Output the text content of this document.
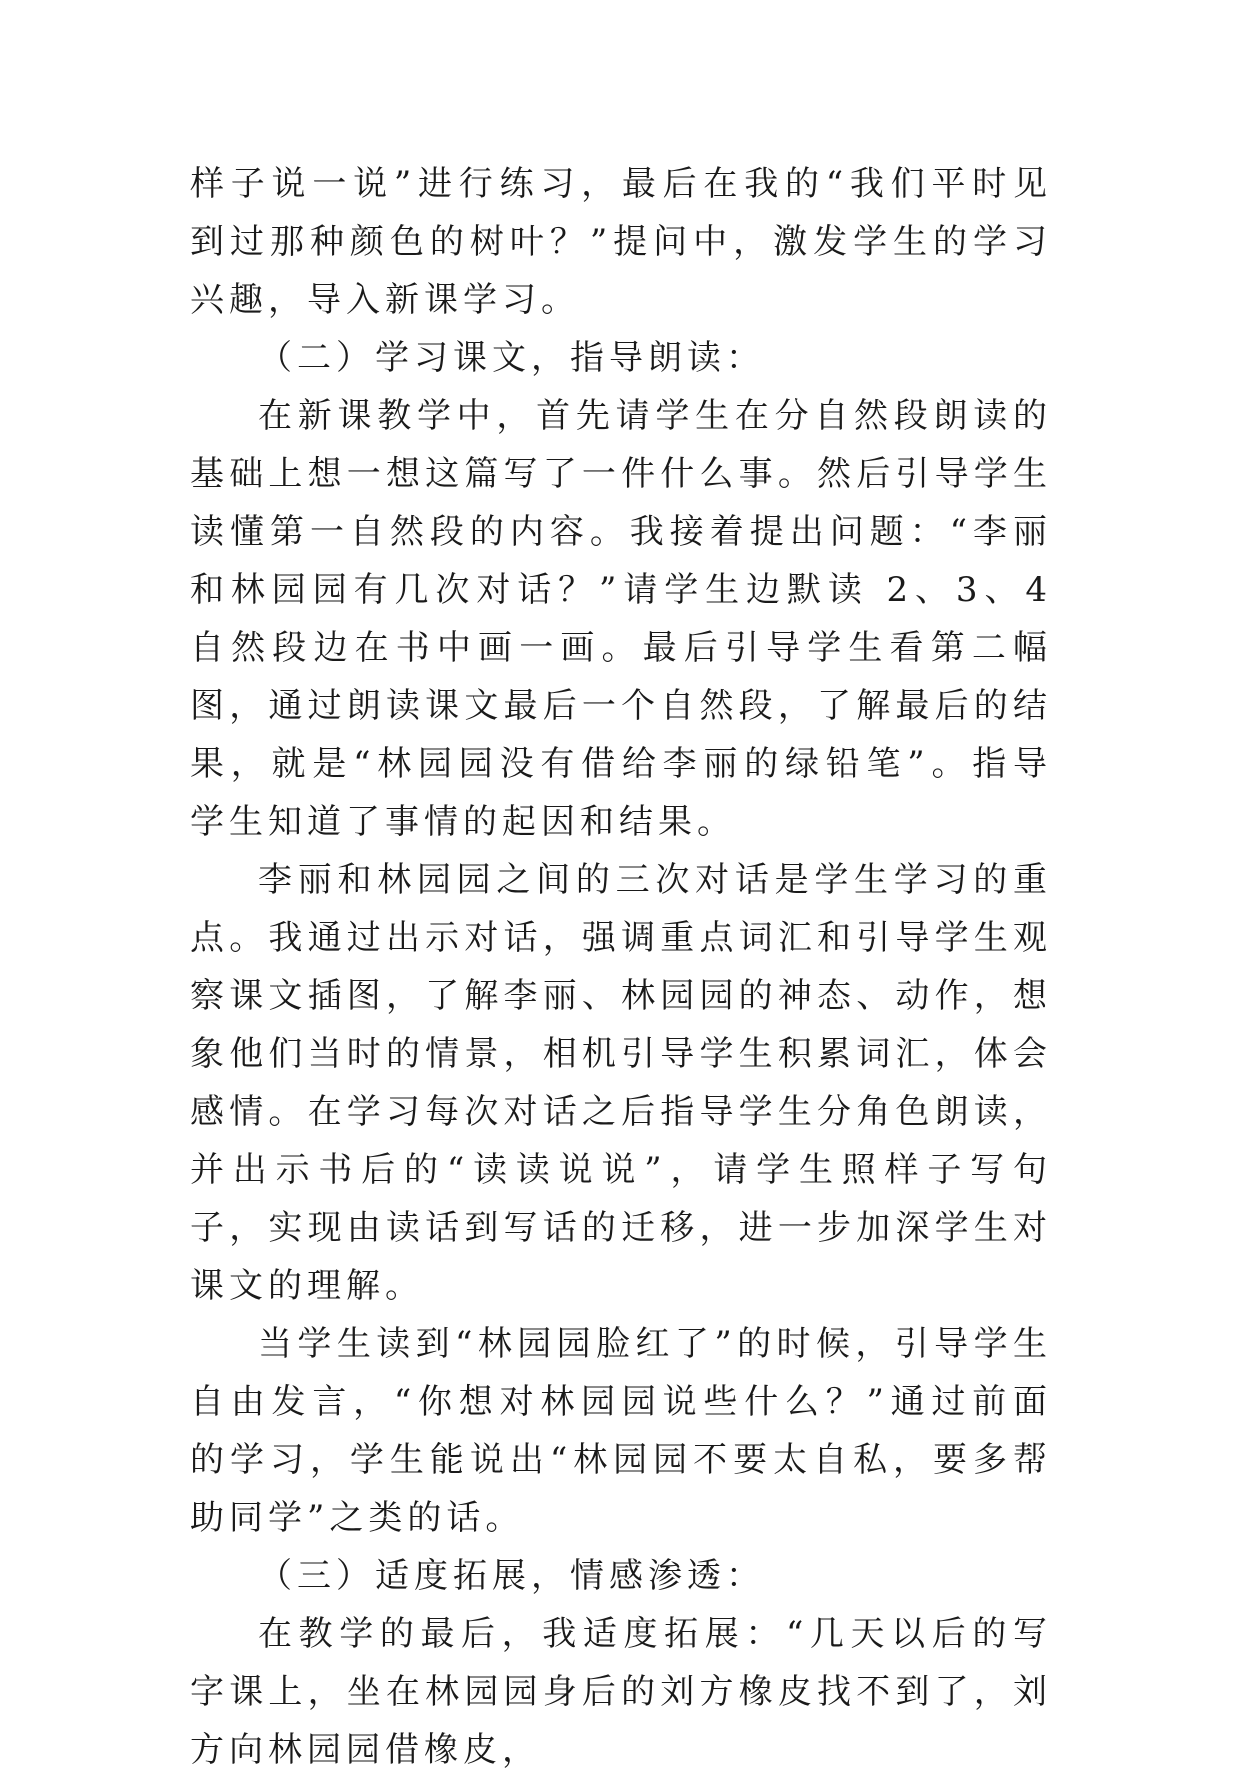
样子说一说”进行练习，最后在我的“我们平时见到过那种颜色的树叶？”提问中，激发学生的学习兴趣，导入新课学习。

（二）学习课文，指导朗读：

在新课教学中，首先请学生在分自然段朗读的基础上想一想这篇写了一件什么事。然后引导学生读懂第一自然段的内容。我接着提出问题：“李丽和林园园有几次对话？”请学生边默读 2、3、4 自然段边在书中画一画。最后引导学生看第二幅图，通过朗读课文最后一个自然段，了解最后的结果，就是“林园园没有借给李丽的绿铅笔”。指导学生知道了事情的起因和结果。

李丽和林园园之间的三次对话是学生学习的重点。我通过出示对话，强调重点词汇和引导学生观察课文插图，了解李丽、林园园的神态、动作，想象他们当时的情景，相机引导学生积累词汇，体会感情。在学习每次对话之后指导学生分角色朗读，并出示书后的“读读说说”，请学生照样子写句子，实现由读话到写话的迁移，进一步加深学生对课文的理解。

当学生读到“林园园脸红了”的时候，引导学生自由发言，“你想对林园园说些什么？”通过前面的学习，学生能说出“林园园不要太自私，要多帮助同学”之类的话。

（三）适度拓展，情感渗透：

在教学的最后，我适度拓展：“几天以后的写字课上，坐在林园园身后的刘方橡皮找不到了，刘方向林园园借橡皮，
